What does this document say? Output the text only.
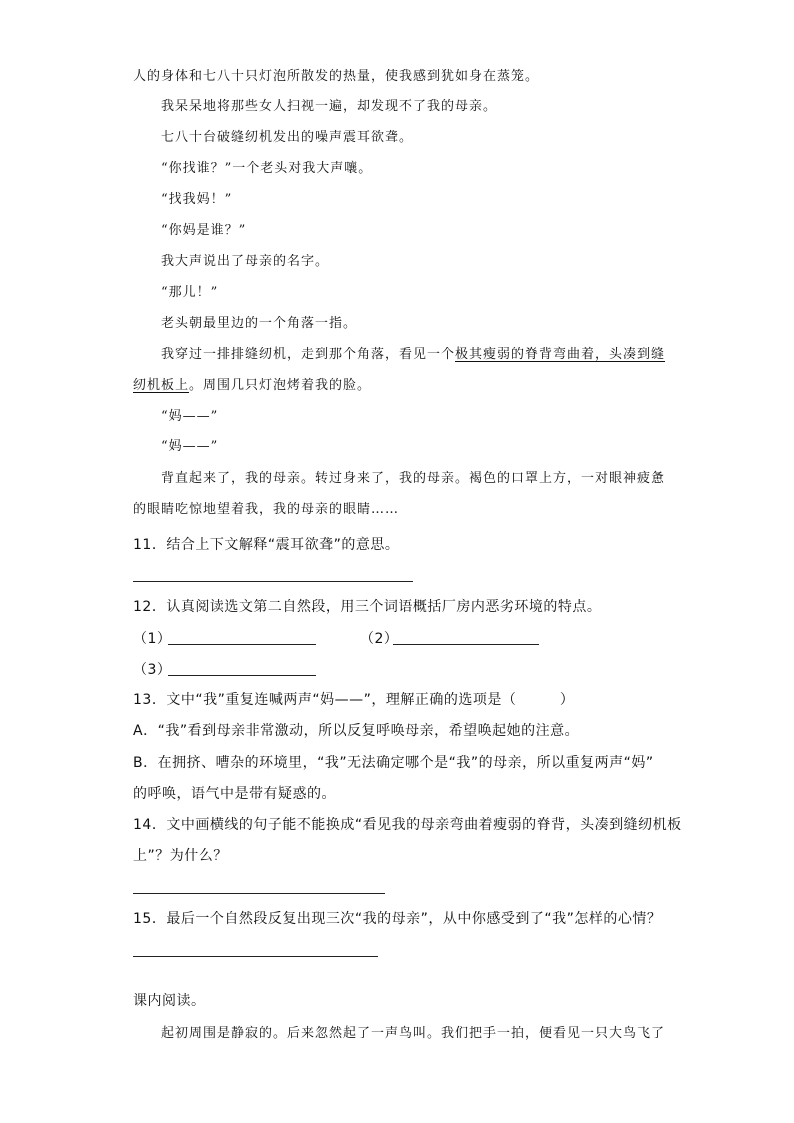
人的身体和七八十只灯泡所散发的热量，使我感到犹如身在蒸笼。
我呆呆地将那些女人扫视一遍，却发现不了我的母亲。
七八十台破缝纫机发出的噪声震耳欲聋。
“你找谁？”一个老头对我大声嚷。
“找我妈！”
“你妈是谁？”
我大声说出了母亲的名字。
“那儿！”
老头朝最里边的一个角落一指。
我穿过一排排缝纫机，走到那个角落，看见一个极其瘦弱的脊背弯曲着，头凑到缝
纫机板上。周围几只灯泡烤着我的脸。
“妈——”
“妈——”
背直起来了，我的母亲。转过身来了，我的母亲。褐色的口罩上方，一对眼神疲惫
的眼睛吃惊地望着我，我的母亲的眼睛……
11．结合上下文解释“震耳欲聋”的意思。
12．认真阅读选文第二自然段，用三个词语概括厂房内恶劣环境的特点。
（1）	（2）
（3）
13．文中“我”重复连喊两声“妈——”，理解正确的选项是（　　　）
A．“我”看到母亲非常激动，所以反复呼唤母亲，希望唤起她的注意。
B．在拥挤、嘈杂的环境里，“我”无法确定哪个是“我”的母亲，所以重复两声“妈”
的呼唤，语气中是带有疑惑的。
14．文中画横线的句子能不能换成“看见我的母亲弯曲着瘦弱的脊背，头凑到缝纫机板
上”？为什么？
15．最后一个自然段反复出现三次“我的母亲”，从中你感受到了“我”怎样的心情？
课内阅读。
起初周围是静寂的。后来忽然起了一声鸟叫。我们把手一拍，便看见一只大鸟飞了
